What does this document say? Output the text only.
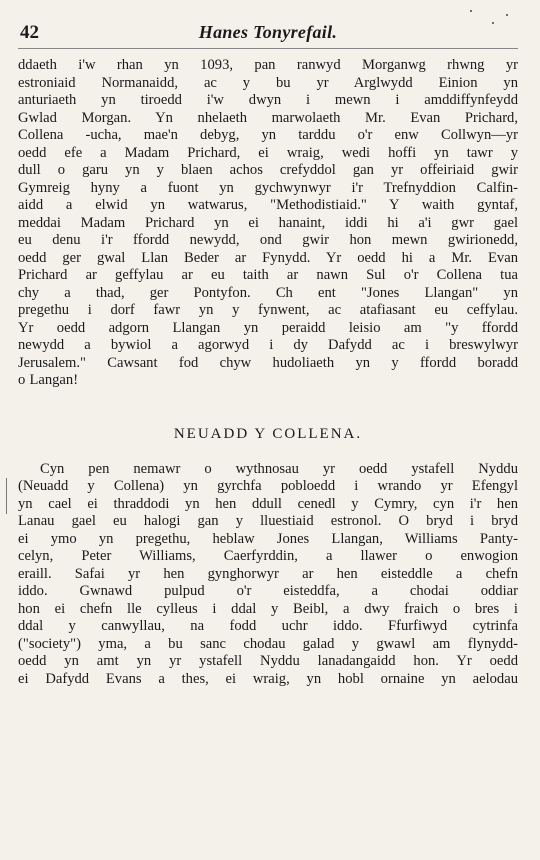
42	Hanes Tonyrefail.
ddaeth i'w rhan yn 1093, pan ranwyd Morganwg rhwng yr
estroniaid Normanaidd, ac y bu yr Arglwydd Einion yn
anturiaeth yn tiroedd i'w dwyn i mewn i amddiffynfeydd
Gwlad Morgan. Yn nhelaeth marwolaeth Mr. Evan Prichard,
Collena -ucha, mae'n debyg, yn tarddu o'r enw Collwyn—yr
oedd efe a Madam Prichard, ei wraig, wedi hoffi yn tawr y
dull o garu yn y blaen achos crefyddol gan yr offeiriaid gwir
Gymreig hyny a fuont yn gychwynwyr i'r Trefnyddion Calfin-
aidd a elwid yn watwarus, "Methodistiaid." Y waith gyntaf,
meddai Madam Prichard yn ei hanaint, iddi hi a'i gwr gael
eu denu i'r ffordd newydd, ond gwir hon mewn gwirionedd,
oedd ger gwal Llan Beder ar Fynydd. Yr oedd hi a Mr. Evan
Prichard ar geffylau ar eu taith ar nawn Sul o'r Collena tua
chy a thad, ger Pontyfon. Ch ent "Jones Llangan" yn
pregethu i dorf fawr yn y fynwent, ac atafiasant eu ceffylau.
Yr oedd adgorn Llangan yn peraidd leisio am "y ffordd
newydd a bywiol a agorwyd i dy Dafydd ac i breswylwyr
Jerusalem." Cawsant fod chyw hudoliaeth yn y ffordd boradd
o Langan!
NEUADD Y COLLENA.
Cyn pen nemawr o wythnosau yr oedd ystafell Nyddu
(Neuadd y Collena) yn gyrchfa pobloedd i wrando yr Efengyl
yn cael ei thraddodi yn hen ddull cenedl y Cymry, cyn i'r hen
Lanau gael eu halogi gan y lluestiaid estronol. O bryd i bryd
ei ymo yn pregethu, heblaw Jones Llangan, Williams Panty-
celyn, Peter Williams, Caerfyrddin, a llawer o enwogion
eraill. Safai yr hen gynghorwyr ar hen eisteddle a chefn
iddo. Gwnawd pulpud o'r eisteddfa, a chodai oddiar
hon ei chefn lle cylleus i ddal y Beibl, a dwy fraich o bres i
ddal y canwyllau, na fodd uchr iddo. Ffurfiwyd cytrinfa
("society") yma, a bu sanc chodau galad y gwawl am flynydd-
oedd yn amt yn yr ystafell Nyddu lanadangaidd hon. Yr oedd
ei Dafydd Evans a thes, ei wraig, yn hobl ornaine yn aelodau
